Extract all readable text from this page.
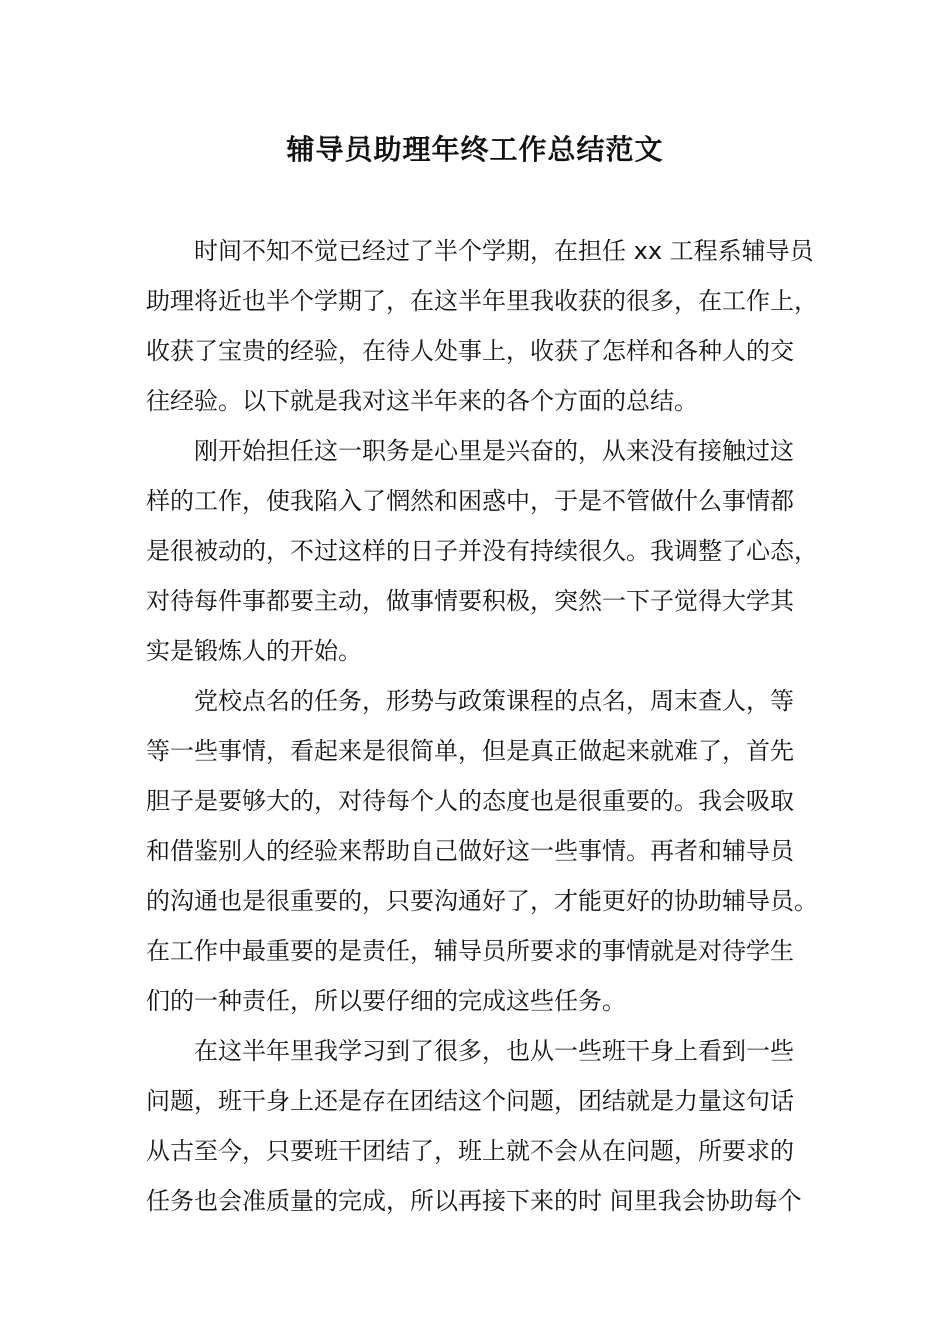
辅导员助理年终工作总结范文
时间不知不觉已经过了半个学期，在担任 xx 工程系辅导员
助理将近也半个学期了，在这半年里我收获的很多，在工作上，
收获了宝贵的经验，在待人处事上，收获了怎样和各种人的交
往经验。以下就是我对这半年来的各个方面的总结。
刚开始担任这一职务是心里是兴奋的，从来没有接触过这
样的工作，使我陷入了惘然和困惑中，于是不管做什么事情都
是很被动的，不过这样的日子并没有持续很久。我调整了心态，
对待每件事都要主动，做事情要积极，突然一下子觉得大学其
实是锻炼人的开始。
党校点名的任务，形势与政策课程的点名，周末查人，等
等一些事情，看起来是很简单，但是真正做起来就难了，首先
胆子是要够大的，对待每个人的态度也是很重要的。我会吸取
和借鉴别人的经验来帮助自己做好这一些事情。再者和辅导员
的沟通也是很重要的，只要沟通好了，才能更好的协助辅导员。
在工作中最重要的是责任，辅导员所要求的事情就是对待学生
们的一种责任，所以要仔细的完成这些任务。
在这半年里我学习到了很多，也从一些班干身上看到一些
问题，班干身上还是存在团结这个问题，团结就是力量这句话
从古至今，只要班干团结了，班上就不会从在问题，所要求的
任务也会准质量的完成，所以再接下来的时 间里我会协助每个
